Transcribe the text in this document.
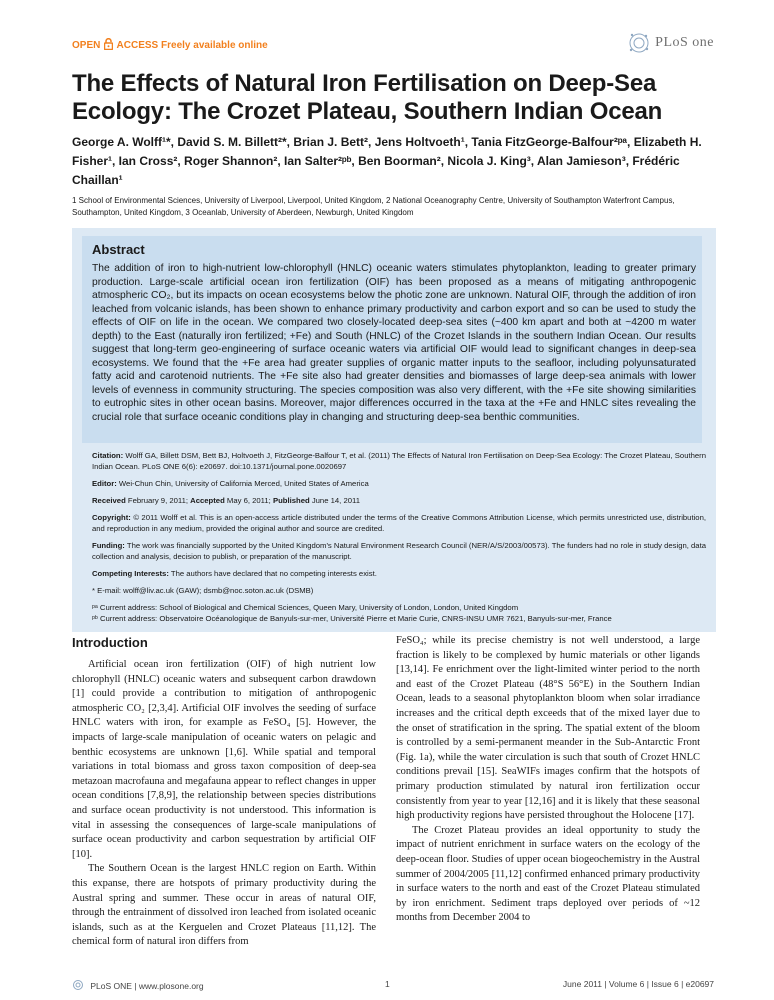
OPEN ACCESS Freely available online	PLoS one
The Effects of Natural Iron Fertilisation on Deep-Sea Ecology: The Crozet Plateau, Southern Indian Ocean
George A. Wolff¹*, David S. M. Billett²*, Brian J. Bett², Jens Holtvoeth¹, Tania FitzGeorge-Balfour²ᵖᵃ, Elizabeth H. Fisher¹, Ian Cross², Roger Shannon², Ian Salter²ᵖᵇ, Ben Boorman², Nicola J. King³, Alan Jamieson³, Frédéric Chaillan¹
1 School of Environmental Sciences, University of Liverpool, Liverpool, United Kingdom, 2 National Oceanography Centre, University of Southampton Waterfront Campus, Southampton, United Kingdom, 3 Oceanlab, University of Aberdeen, Newburgh, United Kingdom
Abstract

The addition of iron to high-nutrient low-chlorophyll (HNLC) oceanic waters stimulates phytoplankton, leading to greater primary production. Large-scale artificial ocean iron fertilization (OIF) has been proposed as a means of mitigating anthropogenic atmospheric CO₂, but its impacts on ocean ecosystems below the photic zone are unknown. Natural OIF, through the addition of iron leached from volcanic islands, has been shown to enhance primary productivity and carbon export and so can be used to study the effects of OIF on life in the ocean. We compared two closely-located deep-sea sites (~400 km apart and both at ~4200 m water depth) to the East (naturally iron fertilized; +Fe) and South (HNLC) of the Crozet Islands in the southern Indian Ocean. Our results suggest that long-term geo-engineering of surface oceanic waters via artificial OIF would lead to significant changes in deep-sea ecosystems. We found that the +Fe area had greater supplies of organic matter inputs to the seafloor, including polyunsaturated fatty acid and carotenoid nutrients. The +Fe site also had greater densities and biomasses of large deep-sea animals with lower levels of evenness in community structuring. The species composition was also very different, with the +Fe site showing similarities to eutrophic sites in other ocean basins. Moreover, major differences occurred in the taxa at the +Fe and HNLC sites revealing the crucial role that surface oceanic conditions play in changing and structuring deep-sea benthic communities.

Citation: Wolff GA, Billett DSM, Bett BJ, Holtvoeth J, FitzGeorge-Balfour T, et al. (2011) The Effects of Natural Iron Fertilisation on Deep-Sea Ecology: The Crozet Plateau, Southern Indian Ocean. PLoS ONE 6(6): e20697. doi:10.1371/journal.pone.0020697

Editor: Wei-Chun Chin, University of California Merced, United States of America

Received February 9, 2011; Accepted May 6, 2011; Published June 14, 2011

Copyright: © 2011 Wolff et al. This is an open-access article distributed under the terms of the Creative Commons Attribution License, which permits unrestricted use, distribution, and reproduction in any medium, provided the original author and source are credited.

Funding: The work was financially supported by the United Kingdom's Natural Environment Research Council (NER/A/S/2003/00573). The funders had no role in study design, data collection and analysis, decision to publish, or preparation of the manuscript.

Competing Interests: The authors have declared that no competing interests exist.

* E-mail: wolff@liv.ac.uk (GAW); dsmb@noc.soton.ac.uk (DSMB)

ᵖᵃ Current address: School of Biological and Chemical Sciences, Queen Mary, University of London, London, United Kingdom

ᵖᵇ Current address: Observatoire Océanologique de Banyuls-sur-mer, Université Pierre et Marie Curie, CNRS-INSU UMR 7621, Banyuls-sur-mer, France

Introduction

Artificial ocean iron fertilization (OIF) of high nutrient low chlorophyll (HNLC) oceanic waters and subsequent carbon drawdown [1] could provide a contribution to mitigation of anthropogenic atmospheric CO₂ [2,3,4]. Artificial OIF involves the seeding of surface HNLC waters with iron, for example as FeSO₄ [5]. However, the impacts of large-scale manipulation of oceanic waters on pelagic and benthic ecosystems are unknown [1,6]. While spatial and temporal variations in total biomass and gross taxon composition of deep-sea metazoan macrofauna and megafauna appear to reflect changes in upper ocean conditions [7,8,9], the relationship between species distributions and surface ocean productivity is not understood. This information is vital in assessing the consequences of large-scale manipulations of surface ocean productivity and carbon sequestration by artificial OIF [10].

The Southern Ocean is the largest HNLC region on Earth. Within this expanse, there are hotspots of primary productivity during the Austral spring and summer. These occur in areas of natural OIF, through the entrainment of dissolved iron leached from isolated oceanic islands, such as at the Kerguelen and Crozet Plateaus [11,12]. The chemical form of natural iron differs from

FeSO₄; while its precise chemistry is not well understood, a large fraction is likely to be complexed by humic materials or other ligands [13,14]. Fe enrichment over the light-limited winter period to the north and east of the Crozet Plateau (48°S 56°E) in the Southern Indian Ocean, leads to a seasonal phytoplankton bloom when solar irradiance increases and the critical depth exceeds that of the mixed layer due to the onset of stratification in the spring. The spatial extent of the bloom is controlled by a semi-permanent meander in the Sub-Antarctic Front (Fig. 1a), while the water circulation is such that south of Crozet HNLC conditions prevail [15]. SeaWIFs images confirm that the hotspots of primary production stimulated by natural iron fertilization occur consistently from year to year [12,16] and it is likely that these seasonal high productivity regions have persisted throughout the Holocene [17].

The Crozet Plateau provides an ideal opportunity to study the impact of nutrient enrichment in surface waters on the ecology of the deep-ocean floor. Studies of upper ocean biogeochemistry in the Austral summer of 2004/2005 [11,12] confirmed enhanced primary productivity in surface waters to the north and east of the Crozet Plateau stimulated by iron enrichment. Sediment traps deployed over periods of ~12 months from December 2004 to

PLoS ONE | www.plosone.org	1	June 2011 | Volume 6 | Issue 6 | e20697
